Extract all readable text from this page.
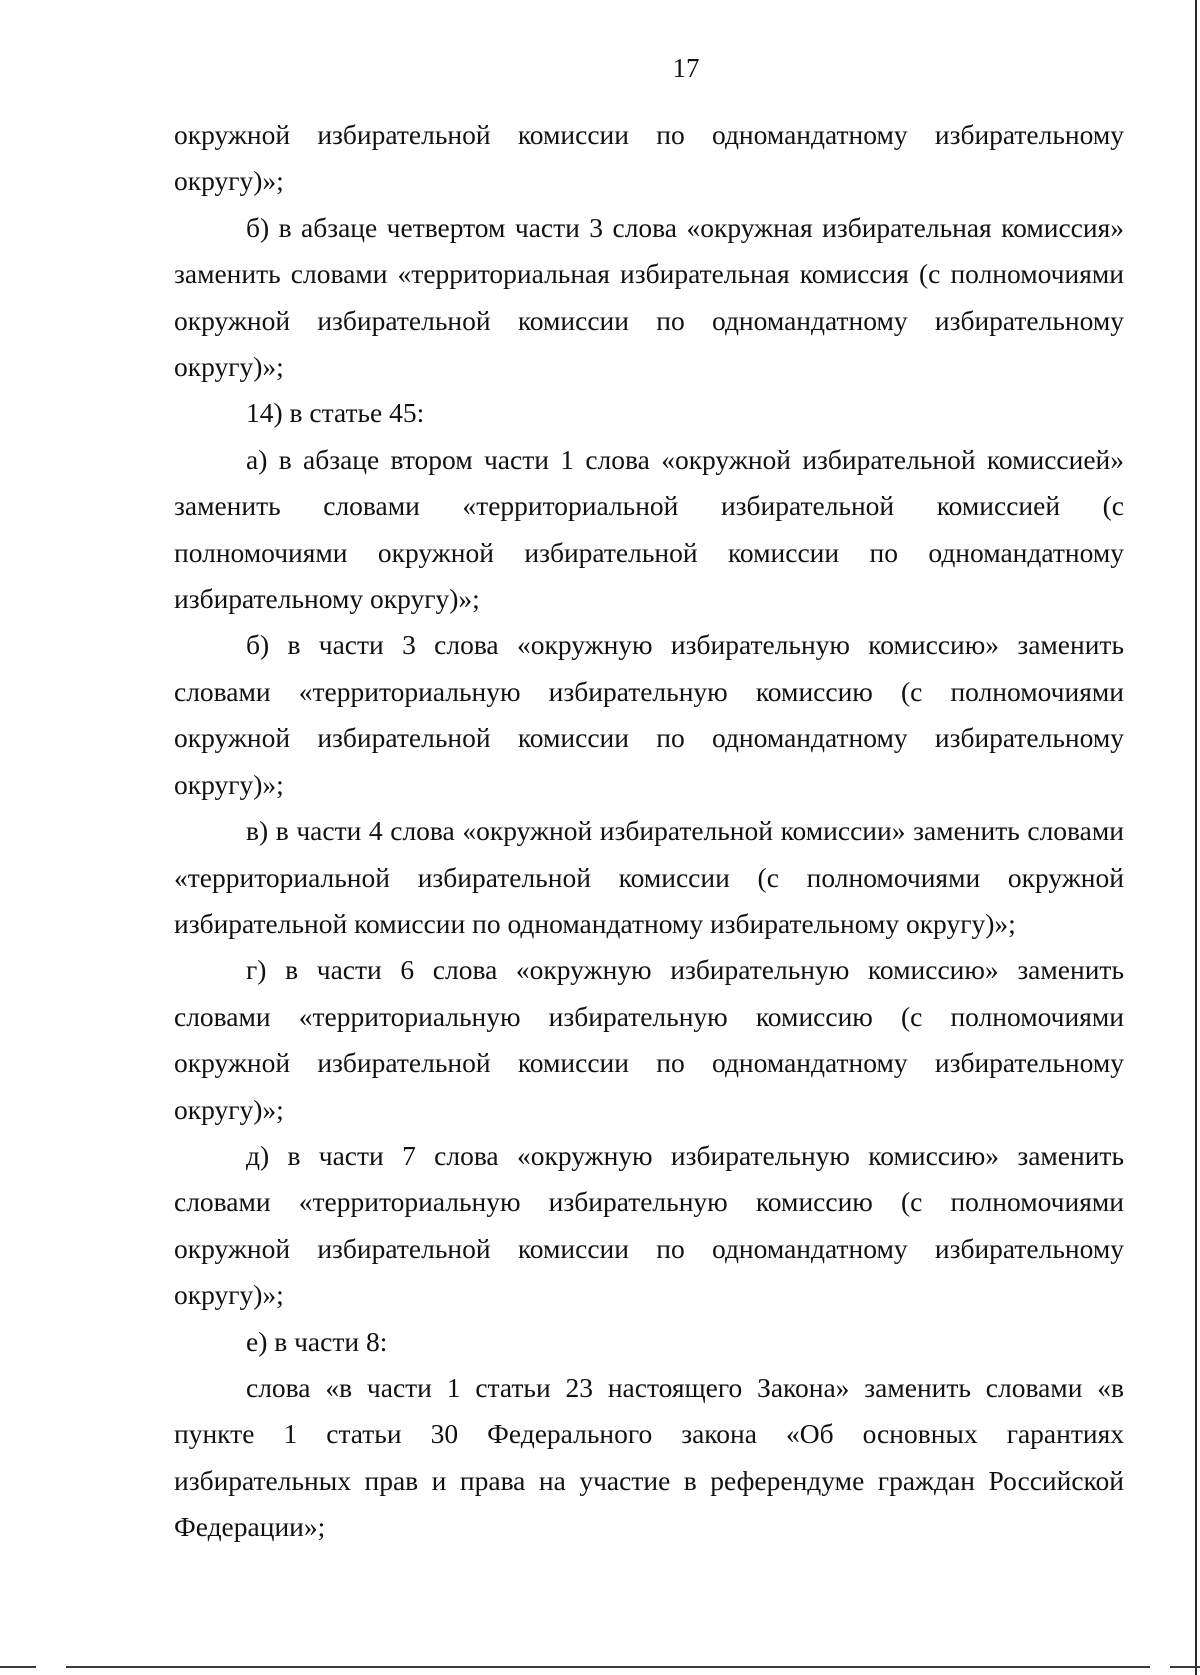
17

окружной избирательной комиссии по одномандатному избирательному округу)»;

б) в абзаце четвертом части 3 слова «окружная избирательная комиссия» заменить словами «территориальная избирательная комиссия (с полномочиями окружной избирательной комиссии по одномандатному избирательному округу)»;

14) в статье 45:

а) в абзаце втором части 1 слова «окружной избирательной комиссией» заменить словами «территориальной избирательной комиссией (с полномочиями окружной избирательной комиссии по одномандатному избирательному округу)»;

б) в части 3 слова «окружную избирательную комиссию» заменить словами «территориальную избирательную комиссию (с полномочиями окружной избирательной комиссии по одномандатному избирательному округу)»;

в) в части 4 слова «окружной избирательной комиссии» заменить словами «территориальной избирательной комиссии (с полномочиями окружной избирательной комиссии по одномандатному избирательному округу)»;

г) в части 6 слова «окружную избирательную комиссию» заменить словами «территориальную избирательную комиссию (с полномочиями окружной избирательной комиссии по одномандатному избирательному округу)»;

д) в части 7 слова «окружную избирательную комиссию» заменить словами «территориальную избирательную комиссию (с полномочиями окружной избирательной комиссии по одномандатному избирательному округу)»;

е) в части 8:

слова «в части 1 статьи 23 настоящего Закона» заменить словами «в пункте 1 статьи 30 Федерального закона «Об основных гарантиях избирательных прав и права на участие в референдуме граждан Российской Федерации»;
